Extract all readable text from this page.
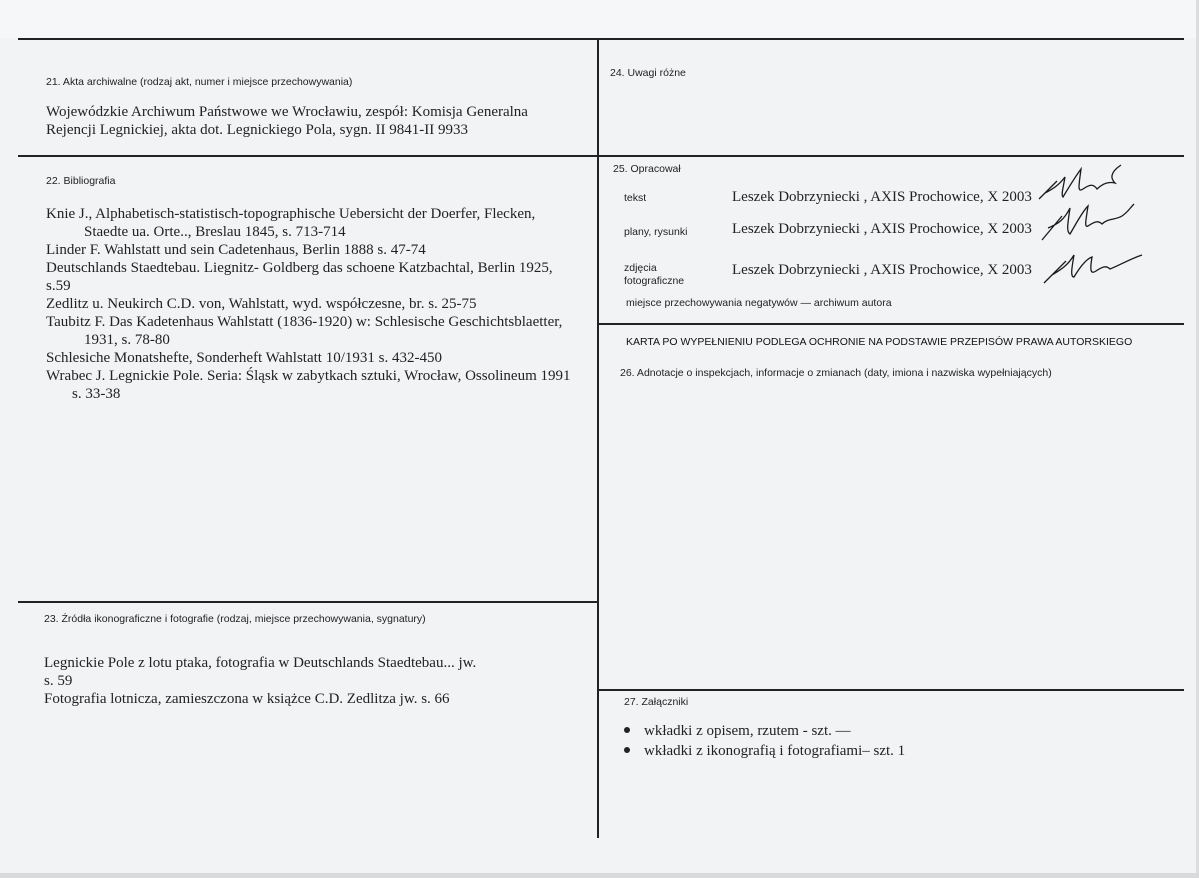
21. Akta archiwalne (rodzaj akt, numer i miejsce przechowywania)
Wojewódzkie Archiwum Państwowe we Wrocławiu, zespół: Komisja Generalna
Rejencji Legnickiej, akta dot. Legnickiego Pola, sygn. II 9841-II 9933
24. Uwagi różne
22. Bibliografia
Knie J., Alphabetisch-statistisch-topographische Uebersicht der Doerfer, Flecken,
Staedte ua. Orte.., Breslau 1845, s. 713-714
Linder F. Wahlstatt und sein Cadetenhaus, Berlin 1888 s. 47-74
Deutschlands Staedtebau. Liegnitz- Goldberg das schoene Katzbachtal, Berlin 1925,
s.59
Zedlitz u. Neukirch C.D. von, Wahlstatt, wyd. współczesne, br. s. 25-75
Taubitz F. Das Kadetenhaus Wahlstatt (1836-1920) w: Schlesische Geschichtsblaetter,
1931, s. 78-80
Schlesiche Monatshefte, Sonderheft Wahlstatt 10/1931 s. 432-450
Wrabec J. Legnickie Pole. Seria: Śląsk w zabytkach sztuki, Wrocław, Ossolineum 1991
s. 33-38
25. Opracował
tekst	Leszek Dobrzyniecki , AXIS Prochowice, X 2003
plany, rysunki	Leszek Dobrzyniecki , AXIS Prochowice, X 2003
zdjęcia
fotograficzne
Leszek Dobrzyniecki , AXIS Prochowice, X 2003
miejsce przechowywania negatywów — archiwum autora
KARTA PO WYPEŁNIENIU PODLEGA OCHRONIE NA PODSTAWIE PRZEPISÓW PRAWA AUTORSKIEGO
26. Adnotacje o inspekcjach, informacje o zmianach (daty, imiona i nazwiska wypełniających)
23. Źródła ikonograficzne i fotografie (rodzaj, miejsce przechowywania, sygnatury)
Legnickie Pole z lotu ptaka, fotografia w Deutschlands Staedtebau... jw.
s. 59
Fotografia lotnicza, zamieszczona w książce C.D. Zedlitza jw. s. 66	27. Załączniki
wkładki z opisem, rzutem - szt. —
wkładki z ikonografią i fotografiami– szt. 1
